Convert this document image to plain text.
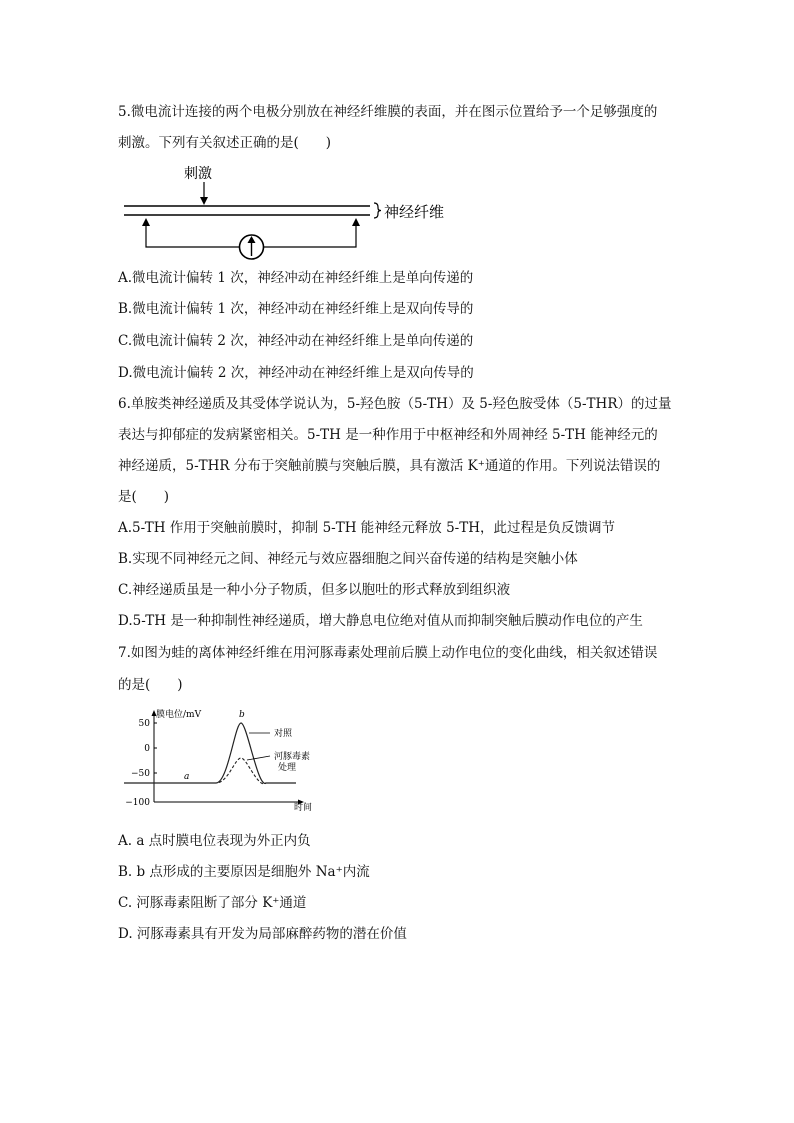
5.微电流计连接的两个电极分别放在神经纤维膜的表面，并在图示位置给予一个足够强度的
刺激。下列有关叙述正确的是(　　)
刺激
神经纤维
A.微电流计偏转 1 次，神经冲动在神经纤维上是单向传递的
B.微电流计偏转 1 次，神经冲动在神经纤维上是双向传导的
C.微电流计偏转 2 次，神经冲动在神经纤维上是单向传递的
D.微电流计偏转 2 次，神经冲动在神经纤维上是双向传导的
6.单胺类神经递质及其受体学说认为，5-羟色胺（5-TH）及 5-羟色胺受体（5-THR）的过量
表达与抑郁症的发病紧密相关。5-TH 是一种作用于中枢神经和外周神经 5-TH 能神经元的
神经递质，5-THR 分布于突触前膜与突触后膜，具有激活 K⁺通道的作用。下列说法错误的
是(　　)
A.5-TH 作用于突触前膜时，抑制 5-TH 能神经元释放 5-TH，此过程是负反馈调节
B.实现不同神经元之间、神经元与效应器细胞之间兴奋传递的结构是突触小体
C.神经递质虽是一种小分子物质，但多以胞吐的形式释放到组织液
D.5-TH 是一种抑制性神经递质，增大静息电位绝对值从而抑制突触后膜动作电位的产生
7.如图为蛙的离体神经纤维在用河豚毒素处理前后膜上动作电位的变化曲线，相关叙述错误
的是(　　)
膜电位/mV
时间
50
0
−50
−100
a
b
对照
河豚毒素
处理
A. a 点时膜电位表现为外正内负
B. b 点形成的主要原因是细胞外 Na⁺内流
C. 河豚毒素阻断了部分 K⁺通道
D. 河豚毒素具有开发为局部麻醉药物的潜在价值
